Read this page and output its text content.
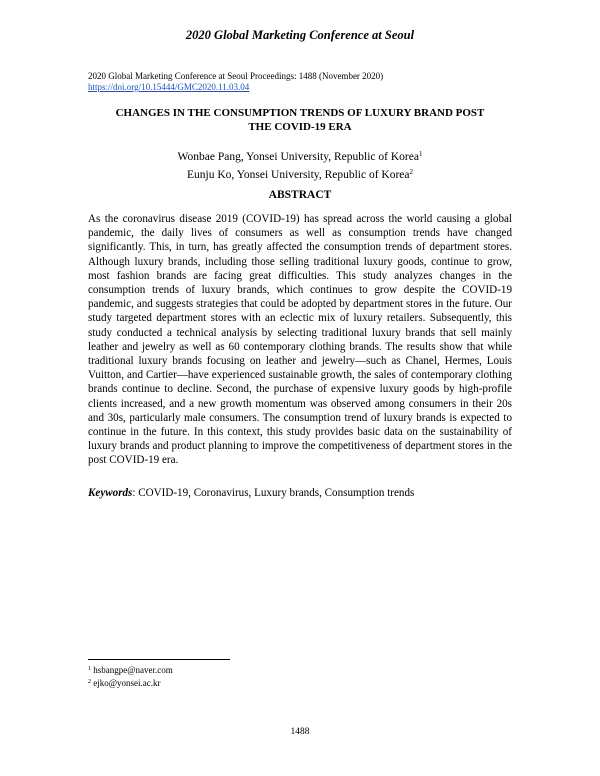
2020 Global Marketing Conference at Seoul
2020 Global Marketing Conference at Seoul Proceedings: 1488 (November 2020)
https://doi.org/10.15444/GMC2020.11.03.04
CHANGES IN THE CONSUMPTION TRENDS OF LUXURY BRAND POST
THE COVID-19 ERA
Wonbae Pang, Yonsei University, Republic of Korea$^1$
Eunju Ko, Yonsei University, Republic of Korea$^2$
ABSTRACT

As the coronavirus disease 2019 (COVID-19) has spread across the world causing a global pandemic, the daily lives of consumers as well as consumption trends have changed significantly. This, in turn, has greatly affected the consumption trends of department stores. Although luxury brands, including those selling traditional luxury goods, continue to grow, most fashion brands are facing great difficulties. This study analyzes changes in the consumption trends of luxury brands, which continues to grow despite the COVID-19 pandemic, and suggests strategies that could be adopted by department stores in the future. Our study targeted department stores with an eclectic mix of luxury retailers. Subsequently, this study conducted a technical analysis by selecting traditional luxury brands that sell mainly leather and jewelry as well as 60 contemporary clothing brands. The results show that while traditional luxury brands focusing on leather and jewelry—such as Chanel, Hermes, Louis Vuitton, and Cartier—have experienced sustainable growth, the sales of contemporary clothing brands continue to decline. Second, the purchase of expensive luxury goods by high-profile clients increased, and a new growth momentum was observed among consumers in their 20s and 30s, particularly male consumers. The consumption trend of luxury brands is expected to continue in the future. In this context, this study provides basic data on the sustainability of luxury brands and product planning to improve the competitiveness of department stores in the post COVID-19 era.

Keywords: COVID-19, Coronavirus, Luxury brands, Consumption trends
$^1$ hsbangpe@naver.com
$^2$ ejko@yonsei.ac.kr
1488
